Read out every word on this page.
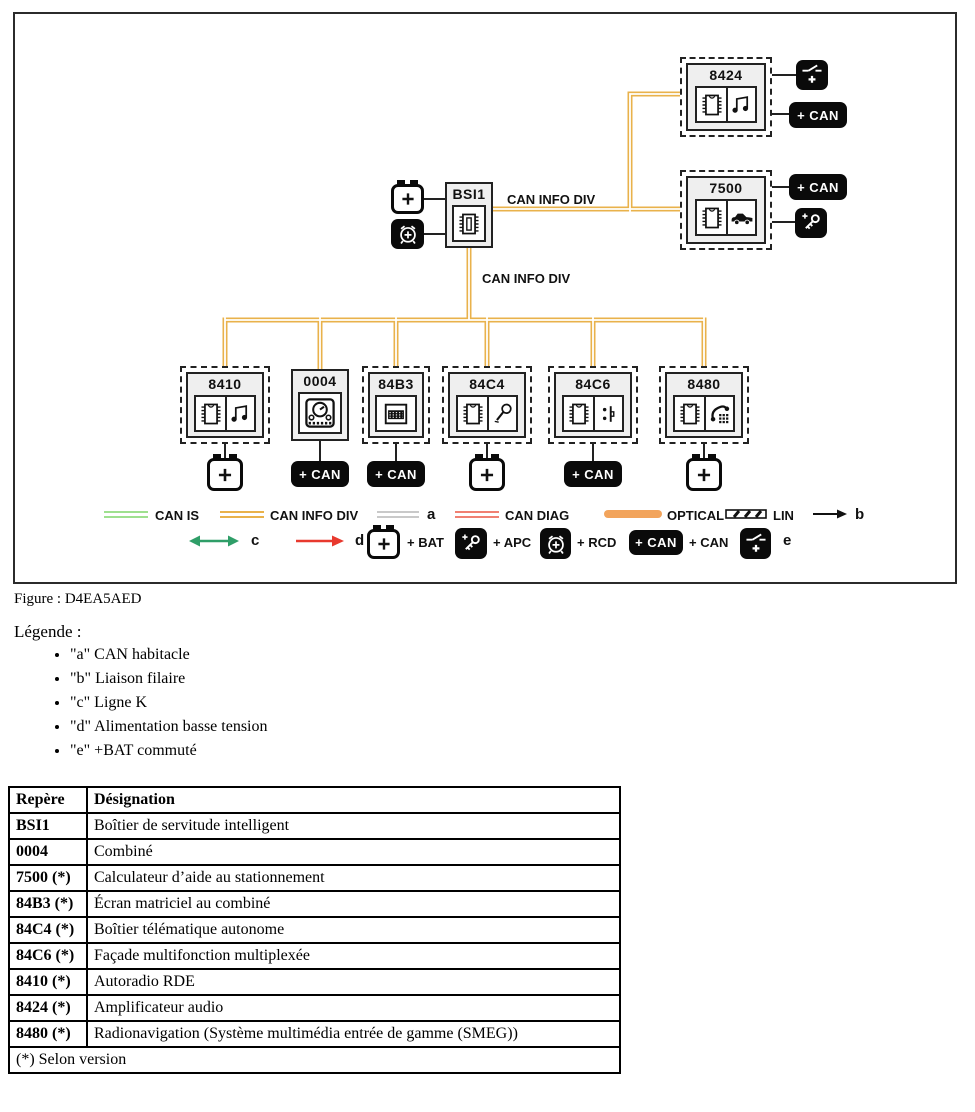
CAN INFO DIV
CAN INFO DIV
8424
+ CAN
7500	+ CAN
BSI1
8410	0004
+ CAN
84B3
+ CAN
84C4	84C6
+ CAN
8480
CAN IS	CAN INFO DIV	a	CAN DIAG	OPTICAL	LIN	b
c	d	+ BAT	+ APC	+ RCD	+ CAN + CAN	e
Figure : D4EA5AED
Légende :
• "a" CAN habitacle
• "b" Liaison filaire
• "c" Ligne K
• "d" Alimentation basse tension
• "e" +BAT commuté
Repère	Désignation
BSI1	Boîtier de servitude intelligent
0004	Combiné
7500 (*)	Calculateur d’aide au stationnement
84B3 (*)	Écran matriciel au combiné
84C4 (*)	Boîtier télématique autonome
84C6 (*)	Façade multifonction multiplexée
8410 (*)	Autoradio RDE
8424 (*)	Amplificateur audio
8480 (*)	Radionavigation (Système multimédia entrée de gamme (SMEG))
(*) Selon version	
